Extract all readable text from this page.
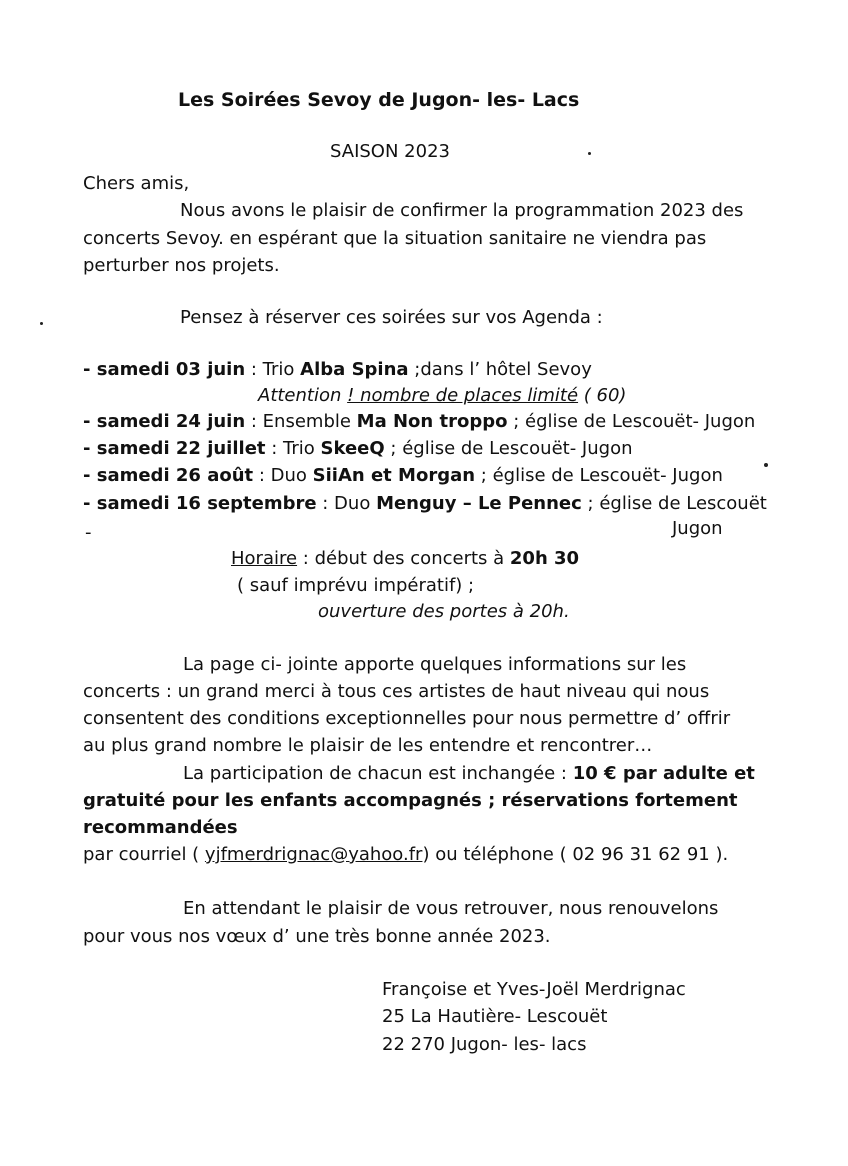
Les Soirées Sevoy de Jugon- les- Lacs
SAISON 2023
Chers amis,
Nous avons le plaisir de confirmer la programmation 2023 des
concerts Sevoy. en espérant que la situation sanitaire ne viendra pas
perturber nos projets.
Pensez à réserver ces soirées sur vos Agenda :
- samedi 03 juin : Trio Alba Spina ;dans l’ hôtel Sevoy
Attention ! nombre de places limité ( 60)
- samedi 24 juin : Ensemble Ma Non troppo ; église de Lescouët- Jugon
- samedi 22 juillet : Trio SkeeQ ; église de Lescouët- Jugon
- samedi 26 août : Duo SiiAn et Morgan ; église de Lescouët- Jugon
- samedi 16 septembre : Duo Menguy – Le Pennec ; église de Lescouët
-	Jugon
Horaire : début des concerts à 20h 30
( sauf imprévu impératif) ;
ouverture des portes à 20h.
La page ci- jointe apporte quelques informations sur les
concerts : un grand merci à tous ces artistes de haut niveau qui nous
consentent des conditions exceptionnelles pour nous permettre d’ offrir
au plus grand nombre le plaisir de les entendre et rencontrer…
La participation de chacun est inchangée : 10 € par adulte et
gratuité pour les enfants accompagnés ; réservations fortement
recommandées
par courriel ( yjfmerdrignac@yahoo.fr) ou téléphone ( 02 96 31 62 91 ).
En attendant le plaisir de vous retrouver, nous renouvelons
pour vous nos vœux d’ une très bonne année 2023.
Françoise et Yves-Joël Merdrignac
25 La Hautière- Lescouët
22 270 Jugon- les- lacs
